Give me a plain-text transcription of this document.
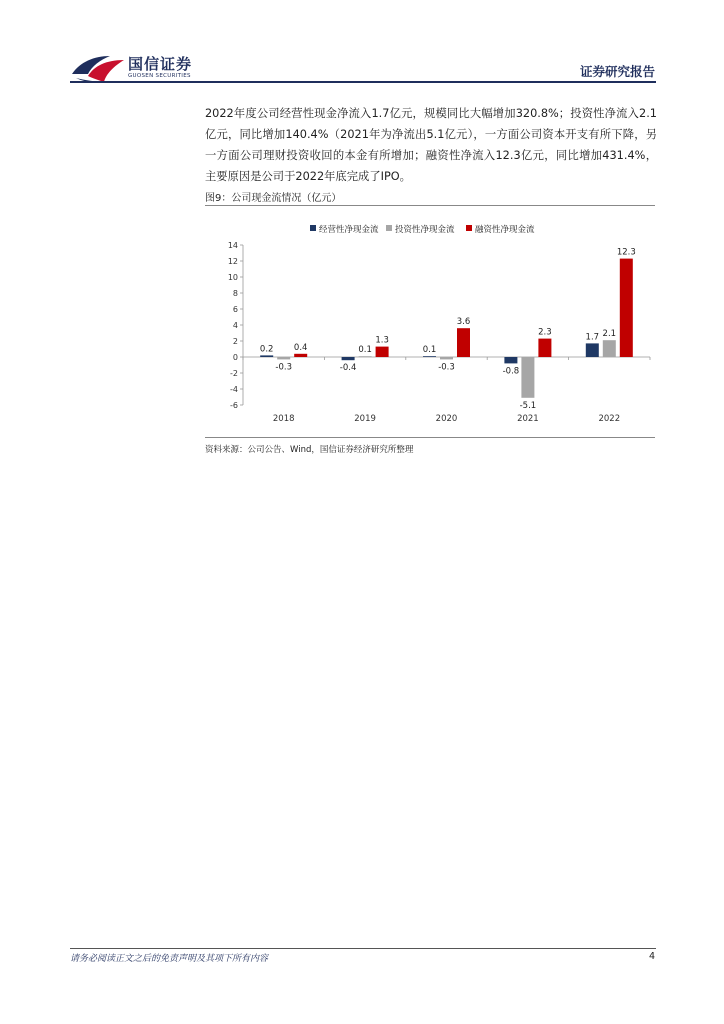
国信证券
GUOSEN SECURITIES	证券研究报告
2022年度公司经营性现金净流入1.7亿元，规模同比大幅增加320.8%；投资性净流入2.1亿元，同比增加140.4%（2021年为净流出5.1亿元），一方面公司资本开支有所下降，另一方面公司理财投资收回的本金有所增加；融资性净流入12.3亿元，同比增加431.4%，主要原因是公司于2022年底完成了IPO。
图9：公司现金流情况（亿元）
经营性净现金流 投资性净现金流 融资性净现金流
-6
-4
-2
0
2
4
6
8
10
12
14
0.2
-0.3
0.4
2018
-0.4
0.1
1.3
2019
0.1
-0.3
3.6
2020
-0.8
-5.1
2.3
2021
1.7 2.1
12.3
2022
资料来源：公司公告、Wind，国信证券经济研究所整理
请务必阅读正文之后的免责声明及其项下所有内容	4
